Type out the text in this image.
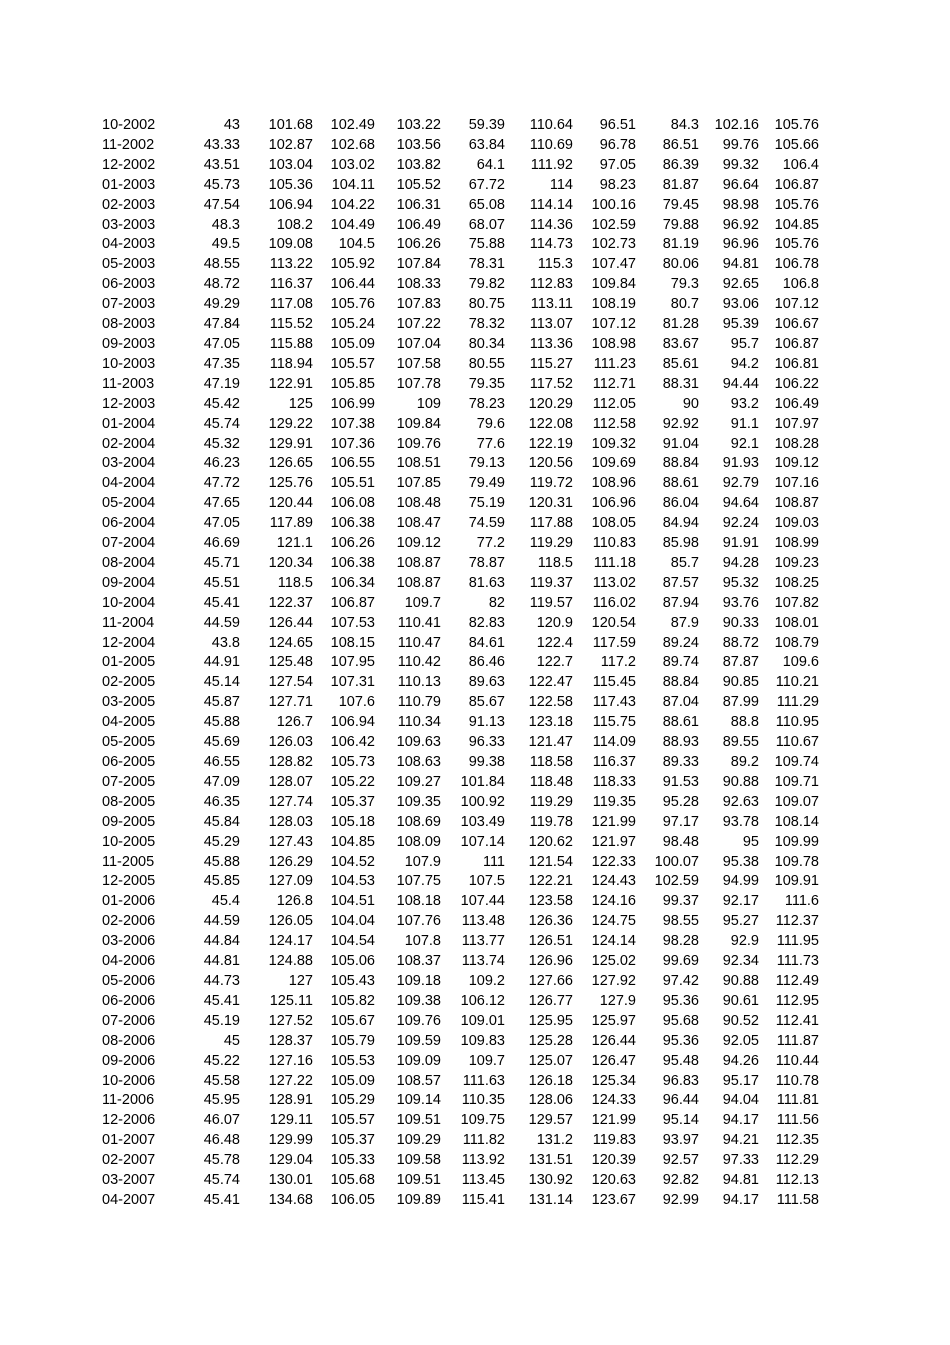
10-2002	43	101.68	102.49	103.22	59.39	110.64	96.51	84.3	102.16	105.76
11-2002	43.33	102.87	102.68	103.56	63.84	110.69	96.78	86.51	99.76	105.66
12-2002	43.51	103.04	103.02	103.82	64.1	111.92	97.05	86.39	99.32	106.4
01-2003	45.73	105.36	104.11	105.52	67.72	114	98.23	81.87	96.64	106.87
02-2003	47.54	106.94	104.22	106.31	65.08	114.14	100.16	79.45	98.98	105.76
03-2003	48.3	108.2	104.49	106.49	68.07	114.36	102.59	79.88	96.92	104.85
04-2003	49.5	109.08	104.5	106.26	75.88	114.73	102.73	81.19	96.96	105.76
05-2003	48.55	113.22	105.92	107.84	78.31	115.3	107.47	80.06	94.81	106.78
06-2003	48.72	116.37	106.44	108.33	79.82	112.83	109.84	79.3	92.65	106.8
07-2003	49.29	117.08	105.76	107.83	80.75	113.11	108.19	80.7	93.06	107.12
08-2003	47.84	115.52	105.24	107.22	78.32	113.07	107.12	81.28	95.39	106.67
09-2003	47.05	115.88	105.09	107.04	80.34	113.36	108.98	83.67	95.7	106.87
10-2003	47.35	118.94	105.57	107.58	80.55	115.27	111.23	85.61	94.2	106.81
11-2003	47.19	122.91	105.85	107.78	79.35	117.52	112.71	88.31	94.44	106.22
12-2003	45.42	125	106.99	109	78.23	120.29	112.05	90	93.2	106.49
01-2004	45.74	129.22	107.38	109.84	79.6	122.08	112.58	92.92	91.1	107.97
02-2004	45.32	129.91	107.36	109.76	77.6	122.19	109.32	91.04	92.1	108.28
03-2004	46.23	126.65	106.55	108.51	79.13	120.56	109.69	88.84	91.93	109.12
04-2004	47.72	125.76	105.51	107.85	79.49	119.72	108.96	88.61	92.79	107.16
05-2004	47.65	120.44	106.08	108.48	75.19	120.31	106.96	86.04	94.64	108.87
06-2004	47.05	117.89	106.38	108.47	74.59	117.88	108.05	84.94	92.24	109.03
07-2004	46.69	121.1	106.26	109.12	77.2	119.29	110.83	85.98	91.91	108.99
08-2004	45.71	120.34	106.38	108.87	78.87	118.5	111.18	85.7	94.28	109.23
09-2004	45.51	118.5	106.34	108.87	81.63	119.37	113.02	87.57	95.32	108.25
10-2004	45.41	122.37	106.87	109.7	82	119.57	116.02	87.94	93.76	107.82
11-2004	44.59	126.44	107.53	110.41	82.83	120.9	120.54	87.9	90.33	108.01
12-2004	43.8	124.65	108.15	110.47	84.61	122.4	117.59	89.24	88.72	108.79
01-2005	44.91	125.48	107.95	110.42	86.46	122.7	117.2	89.74	87.87	109.6
02-2005	45.14	127.54	107.31	110.13	89.63	122.47	115.45	88.84	90.85	110.21
03-2005	45.87	127.71	107.6	110.79	85.67	122.58	117.43	87.04	87.99	111.29
04-2005	45.88	126.7	106.94	110.34	91.13	123.18	115.75	88.61	88.8	110.95
05-2005	45.69	126.03	106.42	109.63	96.33	121.47	114.09	88.93	89.55	110.67
06-2005	46.55	128.82	105.73	108.63	99.38	118.58	116.37	89.33	89.2	109.74
07-2005	47.09	128.07	105.22	109.27	101.84	118.48	118.33	91.53	90.88	109.71
08-2005	46.35	127.74	105.37	109.35	100.92	119.29	119.35	95.28	92.63	109.07
09-2005	45.84	128.03	105.18	108.69	103.49	119.78	121.99	97.17	93.78	108.14
10-2005	45.29	127.43	104.85	108.09	107.14	120.62	121.97	98.48	95	109.99
11-2005	45.88	126.29	104.52	107.9	111	121.54	122.33	100.07	95.38	109.78
12-2005	45.85	127.09	104.53	107.75	107.5	122.21	124.43	102.59	94.99	109.91
01-2006	45.4	126.8	104.51	108.18	107.44	123.58	124.16	99.37	92.17	111.6
02-2006	44.59	126.05	104.04	107.76	113.48	126.36	124.75	98.55	95.27	112.37
03-2006	44.84	124.17	104.54	107.8	113.77	126.51	124.14	98.28	92.9	111.95
04-2006	44.81	124.88	105.06	108.37	113.74	126.96	125.02	99.69	92.34	111.73
05-2006	44.73	127	105.43	109.18	109.2	127.66	127.92	97.42	90.88	112.49
06-2006	45.41	125.11	105.82	109.38	106.12	126.77	127.9	95.36	90.61	112.95
07-2006	45.19	127.52	105.67	109.76	109.01	125.95	125.97	95.68	90.52	112.41
08-2006	45	128.37	105.79	109.59	109.83	125.28	126.44	95.36	92.05	111.87
09-2006	45.22	127.16	105.53	109.09	109.7	125.07	126.47	95.48	94.26	110.44
10-2006	45.58	127.22	105.09	108.57	111.63	126.18	125.34	96.83	95.17	110.78
11-2006	45.95	128.91	105.29	109.14	110.35	128.06	124.33	96.44	94.04	111.81
12-2006	46.07	129.11	105.57	109.51	109.75	129.57	121.99	95.14	94.17	111.56
01-2007	46.48	129.99	105.37	109.29	111.82	131.2	119.83	93.97	94.21	112.35
02-2007	45.78	129.04	105.33	109.58	113.92	131.51	120.39	92.57	97.33	112.29
03-2007	45.74	130.01	105.68	109.51	113.45	130.92	120.63	92.82	94.81	112.13
04-2007	45.41	134.68	106.05	109.89	115.41	131.14	123.67	92.99	94.17	111.58
